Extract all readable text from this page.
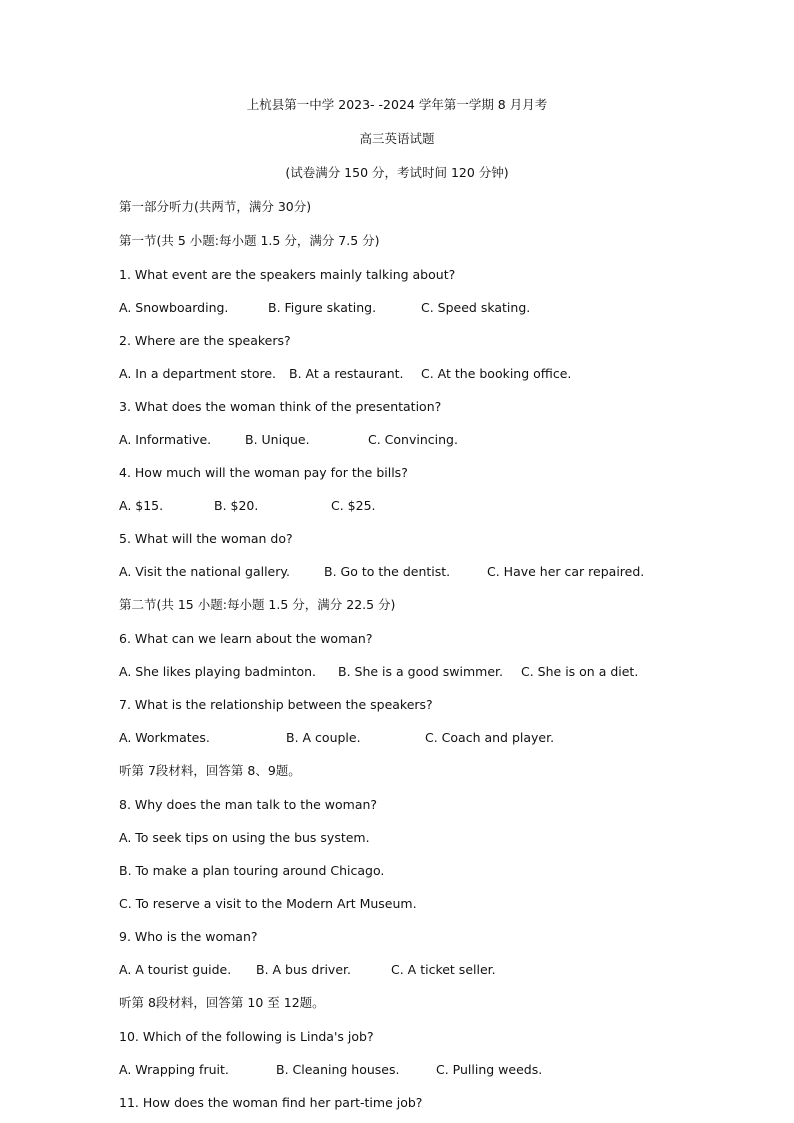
上杭县第一中学 2023- -2024 学年第一学期 8 月月考
高三英语试题
(试卷满分 150 分，考试时间 120 分钟)
第一部分听力(共两节，满分 30分)
第一节(共 5 小题:每小题 1.5 分，满分 7.5 分)
1. What event are the speakers mainly talking about?
A. Snowboarding.	B. Figure skating.	C. Speed skating.
2. Where are the speakers?
A. In a department store. B. At a restaurant. C. At the booking office.
3. What does the woman think of the presentation?
A. Informative.	B. Unique.	C. Convincing.
4. How much will the woman pay for the bills?
A. $15.	B. $20.	C. $25.
5. What will the woman do?
A. Visit the national gallery.	B. Go to the dentist.	C. Have her car repaired.
第二节(共 15 小题:每小题 1.5 分，满分 22.5 分)
6. What can we learn about the woman?
A. She likes playing badminton. B. She is a good swimmer. C. She is on a diet.
7. What is the relationship between the speakers?
A. Workmates.	B. A couple.	C. Coach and player.
听第 7段材料，回答第 8、9题。
8. Why does the man talk to the woman?
A. To seek tips on using the bus system.
B. To make a plan touring around Chicago.
C. To reserve a visit to the Modern Art Museum.
9. Who is the woman?
A. A tourist guide. B. A bus driver.	C. A ticket seller.
听第 8段材料，回答第 10 至 12题。
10. Which of the following is Linda's job?
A. Wrapping fruit.	B. Cleaning houses.	C. Pulling weeds.
11. How does the woman find her part-time job?
